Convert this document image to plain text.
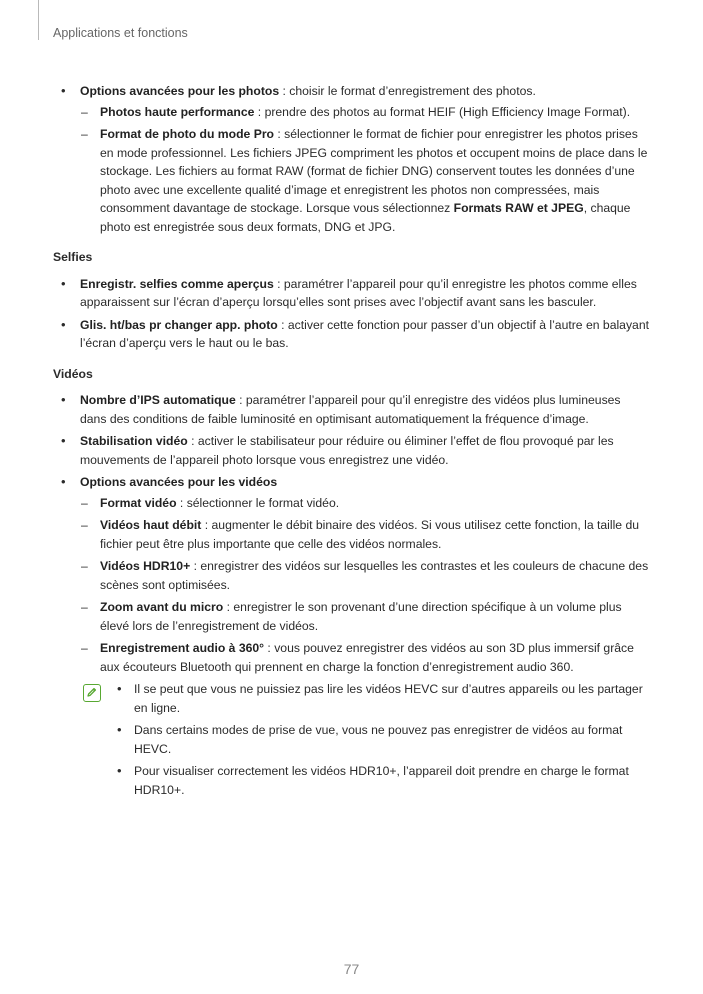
Applications et fonctions
• Options avancées pour les photos : choisir le format d’enregistrement des photos.
– Photos haute performance : prendre des photos au format HEIF (High Efficiency Image Format).
– Format de photo du mode Pro : sélectionner le format de fichier pour enregistrer les photos prises en mode professionnel. Les fichiers JPEG compriment les photos et occupent moins de place dans le stockage. Les fichiers au format RAW (format de fichier DNG) conservent toutes les données d’une photo avec une excellente qualité d’image et enregistrent les photos non compressées, mais consomment davantage de stockage. Lorsque vous sélectionnez Formats RAW et JPEG, chaque photo est enregistrée sous deux formats, DNG et JPG.
Selfies
• Enregistr. selfies comme aperçus : paramétrer l’appareil pour qu’il enregistre les photos comme elles apparaissent sur l’écran d’aperçu lorsqu’elles sont prises avec l’objectif avant sans les basculer.
• Glis. ht/bas pr changer app. photo : activer cette fonction pour passer d’un objectif à l’autre en balayant l’écran d’aperçu vers le haut ou le bas.
Vidéos
• Nombre d’IPS automatique : paramétrer l’appareil pour qu’il enregistre des vidéos plus lumineuses dans des conditions de faible luminosité en optimisant automatiquement la fréquence d’image.
• Stabilisation vidéo : activer le stabilisateur pour réduire ou éliminer l’effet de flou provoqué par les mouvements de l’appareil photo lorsque vous enregistrez une vidéo.
• Options avancées pour les vidéos
– Format vidéo : sélectionner le format vidéo.
– Vidéos haut débit : augmenter le débit binaire des vidéos. Si vous utilisez cette fonction, la taille du fichier peut être plus importante que celle des vidéos normales.
– Vidéos HDR10+ : enregistrer des vidéos sur lesquelles les contrastes et les couleurs de chacune des scènes sont optimisées.
– Zoom avant du micro : enregistrer le son provenant d’une direction spécifique à un volume plus élevé lors de l’enregistrement de vidéos.
– Enregistrement audio à 360° : vous pouvez enregistrer des vidéos au son 3D plus immersif grâce aux écouteurs Bluetooth qui prennent en charge la fonction d’enregistrement audio 360.
• Il se peut que vous ne puissiez pas lire les vidéos HEVC sur d’autres appareils ou les partager en ligne.
• Dans certains modes de prise de vue, vous ne pouvez pas enregistrer de vidéos au format HEVC.
• Pour visualiser correctement les vidéos HDR10+, l’appareil doit prendre en charge le format HDR10+.
77
